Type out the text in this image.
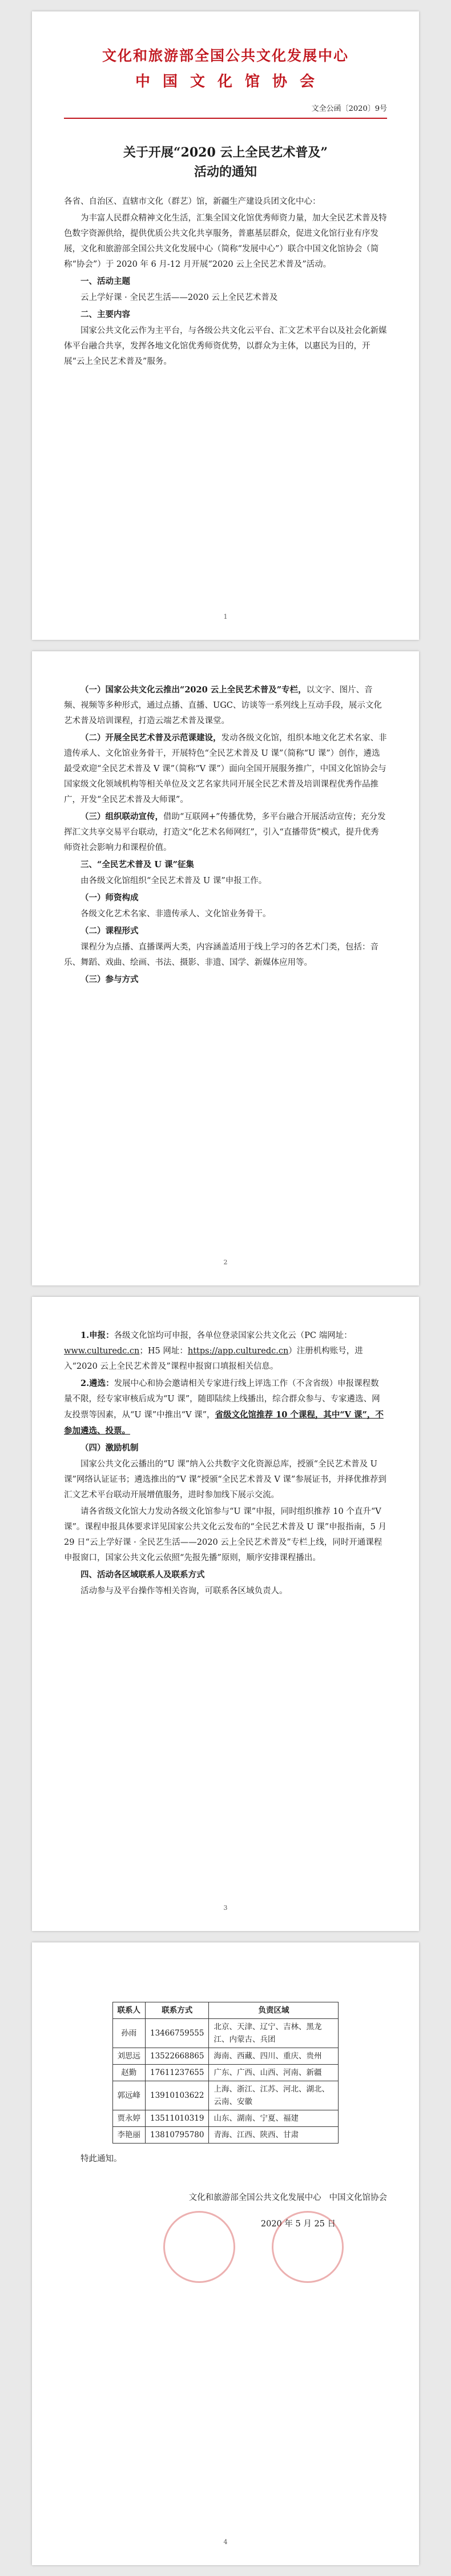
文化和旅游部全国公共文化发展中心
中国文化馆协会
文全公函〔2020〕9号
关于开展“2020 云上全民艺术普及”
活动的通知
各省、自治区、直辖市文化（群艺）馆，新疆生产建设兵团文化中心：

为丰富人民群众精神文化生活，汇集全国文化馆优秀师资力量，加大全民艺术普及特色数字资源供给，提供优质公共文化共享服务，普惠基层群众，促进文化馆行业有序发展，文化和旅游部全国公共文化发展中心（简称“发展中心”）联合中国文化馆协会（简称“协会”）于 2020 年 6 月-12 月开展“2020 云上全民艺术普及”活动。

一、活动主题

云上学好课 · 全民艺生活——2020 云上全民艺术普及

二、主要内容

国家公共文化云作为主平台，与各级公共文化云平台、汇文艺术平台以及社会化新媒体平台融合共享，发挥各地文化馆优秀师资优势，以群众为主体，以惠民为目的，开展“云上全民艺术普及”服务。

1

（一）国家公共文化云推出“2020 云上全民艺术普及”专栏，以文字、图片、音频、视频等多种形式，通过点播、直播、UGC、访谈等一系列线上互动手段，展示文化艺术普及培训课程，打造云端艺术普及课堂。

（二）开展全民艺术普及示范课建设，发动各级文化馆，组织本地文化艺术名家、非遗传承人、文化馆业务骨干，开展特色“全民艺术普及 U 课”（简称“U 课”）创作，遴选最受欢迎“全民艺术普及 V 课”（简称“V 课”）面向全国开展服务推广，中国文化馆协会与国家级文化领域机构等相关单位及文艺名家共同开展全民艺术普及培训课程优秀作品推广，开发“全民艺术普及大师课”。

（三）组织联动宣传，借助“互联网+”传播优势，多平台融合开展活动宣传；充分发挥汇文共享交易平台联动，打造文“化艺术名师网红”，引入“直播带货”模式，提升优秀师资社会影响力和课程价值。

三、“全民艺术普及 U 课”征集

由各级文化馆组织“全民艺术普及 U 课”申报工作。

（一）师资构成

各级文化艺术名家、非遗传承人、文化馆业务骨干。

（二）课程形式

课程分为点播、直播课两大类，内容涵盖适用于线上学习的各艺术门类，包括：音乐、舞蹈、戏曲、绘画、书法、摄影、非遗、国学、新媒体应用等。

（三）参与方式

2

1.申报：各级文化馆均可申报，各单位登录国家公共文化云（PC 端网址：www.culturedc.cn；H5 网址：https://app.culturedc.cn）注册机构账号，进入“2020 云上全民艺术普及”课程申报窗口填报相关信息。

2.遴选：发展中心和协会邀请相关专家进行线上评选工作（不含省级）申报课程数量不限，经专家审核后成为“U 课”，随即陆续上线播出，综合群众参与、专家遴选、网友投票等因素，从“U 课”中推出“V 课”，省级文化馆推荐 10 个课程，其中“V 课”，不参加遴选、投票。

（四）激励机制

国家公共文化云播出的“U 课”纳入公共数字文化资源总库，授颁“全民艺术普及 U 课”网络认证证书；遴选推出的“V 课”授颁“全民艺术普及 V 课”参展证书，并择优推荐到汇文艺术平台联动开展增值服务，进时参加线下展示交流。

请各省级文化馆大力发动各级文化馆参与“U 课”申报，同时组织推荐 10 个直升“V 课”。课程申报具体要求详见国家公共文化云发布的“全民艺术普及 U 课”申报指南，5 月 29 日“云上学好课 · 全民艺生活——2020 云上全民艺术普及”专栏上线，同时开通课程申报窗口，国家公共文化云依照“先报先播”原则，顺序安排课程播出。

四、活动各区域联系人及联系方式

活动参与及平台操作等相关咨询，可联系各区域负责人。

3
联系人	联系方式	负责区域
孙雨	13466759555	北京、天津、辽宁、吉林、黑龙江、内蒙古、兵团
刘思远	13522668865	海南、西藏、四川、重庆、贵州
赵勤	17611237655	广东、广西、山西、河南、新疆
郭远峰	13910103622	上海、浙江、江苏、河北、湖北、云南、安徽
贾永婷	13511010319	山东、湖南、宁夏、福建
李艳丽	13810795780	青海、江西、陕西、甘肃

特此通知。

文化和旅游部全国公共文化发展中心 中国文化馆协会
2020 年 5 月 25 日
4
